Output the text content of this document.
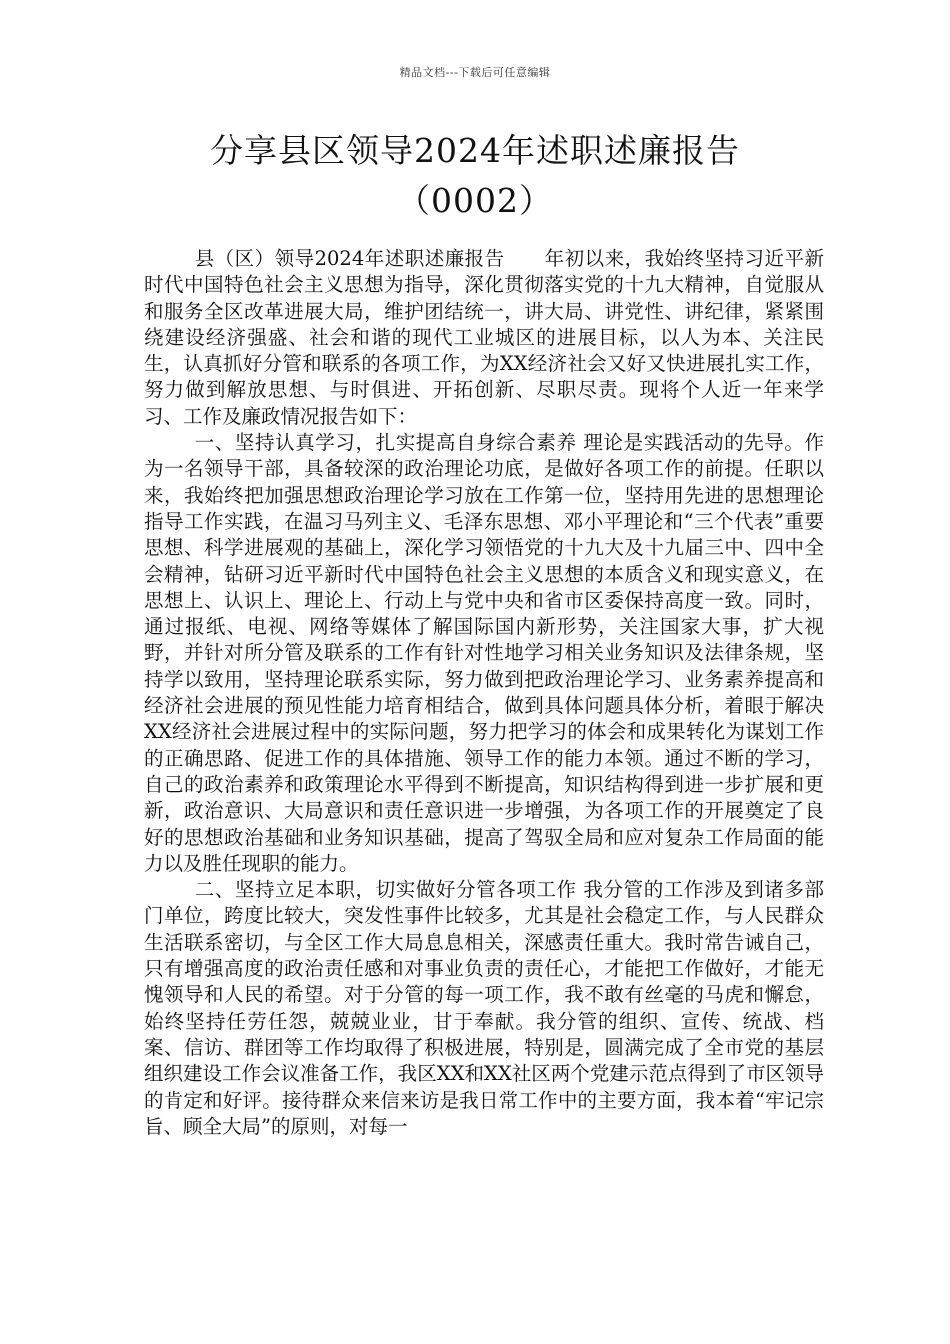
精品文档---下载后可任意编辑
分享县区领导2024年述职述廉报告
（0002）

县（区）领导2024年述职述廉报告　　年初以来，我始终坚持习近平新时代中国特色社会主义思想为指导，深化贯彻落实党的十九大精神，自觉服从和服务全区改革进展大局，维护团结统一，讲大局、讲党性、讲纪律，紧紧围绕建设经济强盛、社会和谐的现代工业城区的进展目标，以人为本、关注民生，认真抓好分管和联系的各项工作，为XX经济社会又好又快进展扎实工作，努力做到解放思想、与时俱进、开拓创新、尽职尽责。现将个人近一年来学习、工作及廉政情况报告如下：

一、坚持认真学习，扎实提高自身综合素养 理论是实践活动的先导。作为一名领导干部，具备较深的政治理论功底，是做好各项工作的前提。任职以来，我始终把加强思想政治理论学习放在工作第一位，坚持用先进的思想理论指导工作实践，在温习马列主义、毛泽东思想、邓小平理论和“三个代表”重要思想、科学进展观的基础上，深化学习领悟党的十九大及十九届三中、四中全会精神，钻研习近平新时代中国特色社会主义思想的本质含义和现实意义，在思想上、认识上、理论上、行动上与党中央和省市区委保持高度一致。同时，通过报纸、电视、网络等媒体了解国际国内新形势，关注国家大事，扩大视野，并针对所分管及联系的工作有针对性地学习相关业务知识及法律条规，坚持学以致用，坚持理论联系实际，努力做到把政治理论学习、业务素养提高和经济社会进展的预见性能力培育相结合，做到具体问题具体分析，着眼于解决XX经济社会进展过程中的实际问题，努力把学习的体会和成果转化为谋划工作的正确思路、促进工作的具体措施、领导工作的能力本领。通过不断的学习，自己的政治素养和政策理论水平得到不断提高，知识结构得到进一步扩展和更新，政治意识、大局意识和责任意识进一步增强，为各项工作的开展奠定了良好的思想政治基础和业务知识基础，提高了驾驭全局和应对复杂工作局面的能力以及胜任现职的能力。

二、坚持立足本职，切实做好分管各项工作 我分管的工作涉及到诸多部门单位，跨度比较大，突发性事件比较多，尤其是社会稳定工作，与人民群众生活联系密切，与全区工作大局息息相关，深感责任重大。我时常告诫自己，只有增强高度的政治责任感和对事业负责的责任心，才能把工作做好，才能无愧领导和人民的希望。对于分管的每一项工作，我不敢有丝毫的马虎和懈怠，始终坚持任劳任怨，兢兢业业，甘于奉献。我分管的组织、宣传、统战、档案、信访、群团等工作均取得了积极进展，特别是，圆满完成了全市党的基层组织建设工作会议准备工作，我区XX和XX社区两个党建示范点得到了市区领导的肯定和好评。接待群众来信来访是我日常工作中的主要方面，我本着“牢记宗旨、顾全大局”的原则，对每一
